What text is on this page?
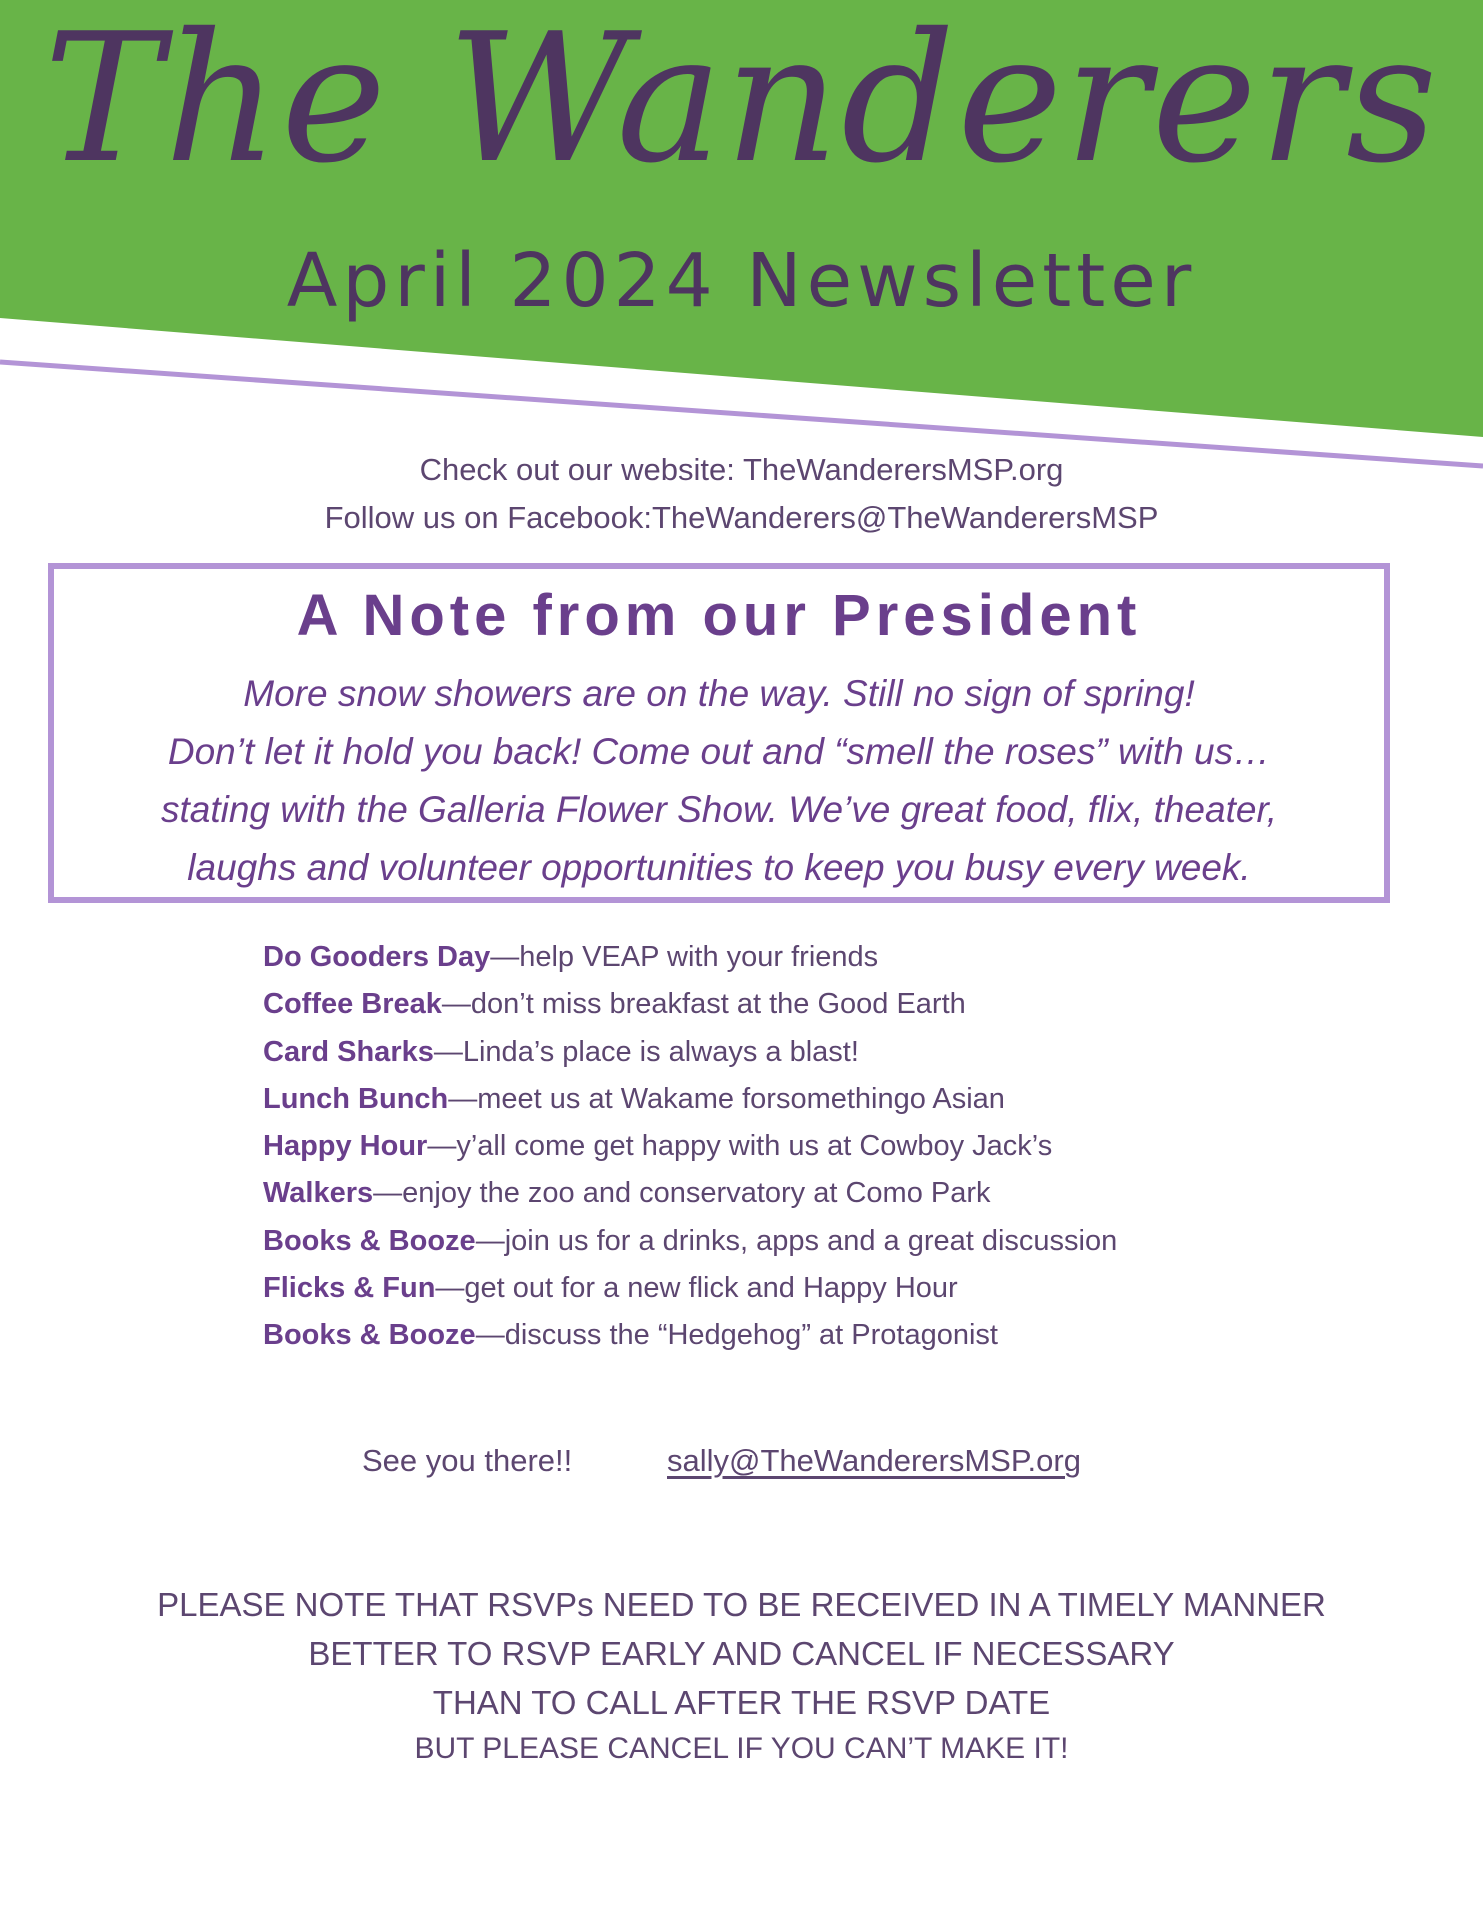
The Wanderers
April 2024 Newsletter
Check out our website: TheWanderersMSP.org
Follow us on Facebook:TheWanderers@TheWanderersMSP
A Note from our President
More snow showers are on the way. Still no sign of spring!
Don’t let it hold you back! Come out and “smell the roses” with us…
stating with the Galleria Flower Show. We’ve great food, flix, theater,
laughs and volunteer opportunities to keep you busy every week.
Do Gooders Day—help VEAP with your friends
Coffee Break—don’t miss breakfast at the Good Earth
Card Sharks—Linda’s place is always a blast!
Lunch Bunch—meet us at Wakame forsomethingo Asian
Happy Hour—y’all come get happy with us at Cowboy Jack’s
Walkers—enjoy the zoo and conservatory at Como Park
Books & Booze—join us for a drinks, apps and a great discussion
Flicks & Fun—get out for a new flick and Happy Hour
Books & Booze—discuss the “Hedgehog” at Protagonist
See you there!!	sally@TheWanderersMSP.org
PLEASE NOTE THAT RSVPs NEED TO BE RECEIVED IN A TIMELY MANNER
BETTER TO RSVP EARLY AND CANCEL IF NECESSARY
THAN TO CALL AFTER THE RSVP DATE
BUT PLEASE CANCEL IF YOU CAN’T MAKE IT!
